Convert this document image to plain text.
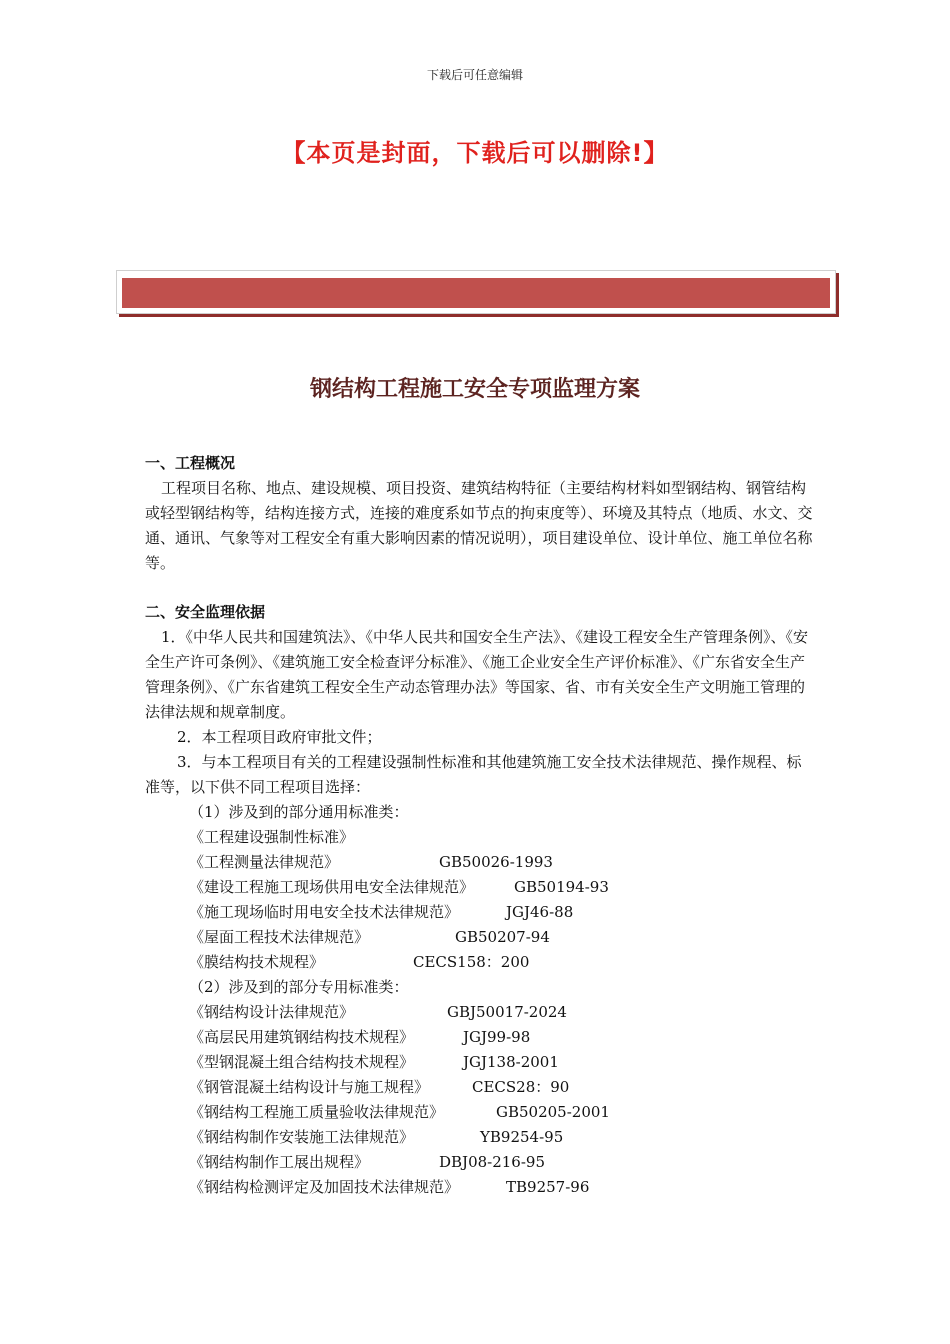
下载后可任意编辑
【本页是封面，下载后可以删除!】
钢结构工程施工安全专项监理方案

一、工程概况

工程项目名称、地点、建设规模、项目投资、建筑结构特征（主要结构材料如型钢结构、钢管结构或轻型钢结构等，结构连接方式，连接的难度系如节点的拘束度等）、环境及其特点（地质、水文、交通、通讯、气象等对工程安全有重大影响因素的情况说明），项目建设单位、设计单位、施工单位名称等。

二、安全监理依据

1．《中华人民共和国建筑法》、《中华人民共和国安全生产法》、《建设工程安全生产管理条例》、《安全生产许可条例》、《建筑施工安全检查评分标准》、《施工企业安全生产评价标准》、《广东省安全生产管理条例》、《广东省建筑工程安全生产动态管理办法》等国家、省、市有关安全生产文明施工管理的法律法规和规章制度。

2．本工程项目政府审批文件；

3．与本工程项目有关的工程建设强制性标准和其他建筑施工安全技术法律规范、操作规程、标准等，以下供不同工程项目选择：

（1）涉及到的部分通用标准类：

《工程建设强制性标准》
《工程测量法律规范》	GB50026-1993
《建设工程施工现场供用电安全法律规范》	GB50194-93
《施工现场临时用电安全技术法律规范》	JGJ46-88
《屋面工程技术法律规范》	GB50207-94
《膜结构技术规程》	CECS158：200

（2）涉及到的部分专用标准类：

《钢结构设计法律规范》	GBJ50017-2024
《高层民用建筑钢结构技术规程》	JGJ99-98
《型钢混凝土组合结构技术规程》	JGJ138-2001
《钢管混凝土结构设计与施工规程》	CECS28：90
《钢结构工程施工质量验收法律规范》	GB50205-2001
《钢结构制作安装施工法律规范》	YB9254-95
《钢结构制作工展出规程》	DBJ08-216-95
《钢结构检测评定及加固技术法律规范》	TB9257-96
